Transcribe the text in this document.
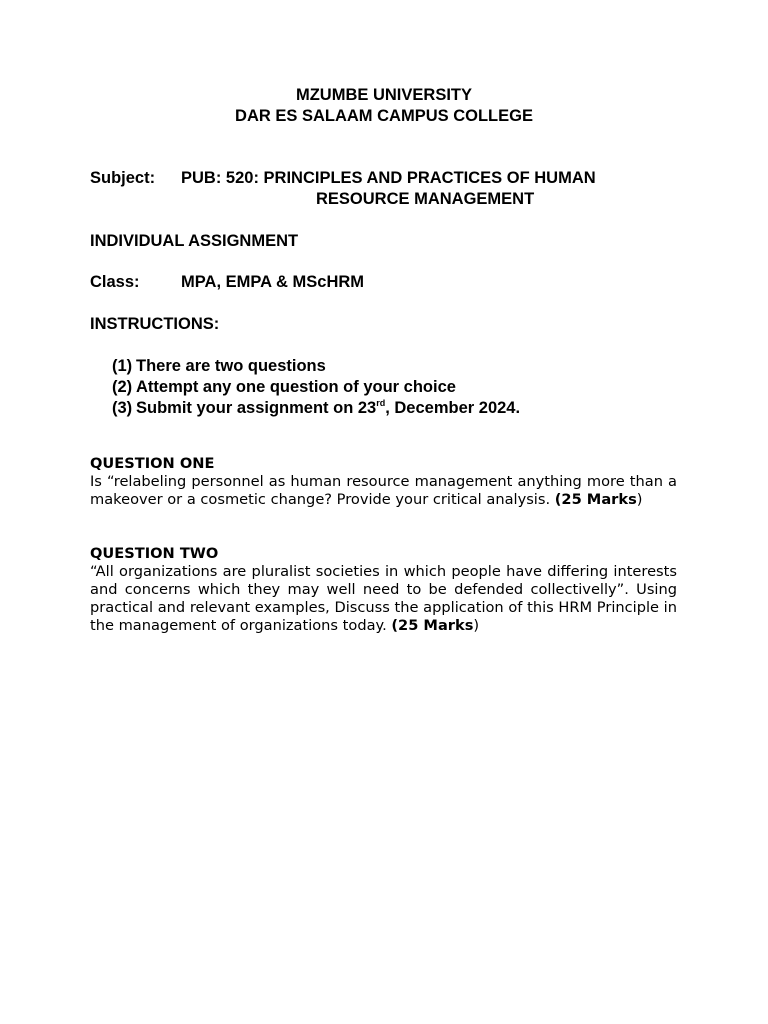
MZUMBE UNIVERSITY
DAR ES SALAAM CAMPUS COLLEGE
Subject: PUB: 520: PRINCIPLES AND PRACTICES OF HUMAN
RESOURCE MANAGEMENT
INDIVIDUAL ASSIGNMENT
Class:	MPA, EMPA & MScHRM
INSTRUCTIONS:
(1) There are two questions
(2) Attempt any one question of your choice
(3) Submit your assignment on 23rd, December 2024.
QUESTION ONE
Is “relabeling personnel as human resource management anything more than a makeover or a cosmetic change? Provide your critical analysis. (25 Marks)
QUESTION TWO
“All organizations are pluralist societies in which people have differing interests and concerns which they may well need to be defended collectivelly”. Using practical and relevant examples, Discuss the application of this HRM Principle in the management of organizations today. (25 Marks)
